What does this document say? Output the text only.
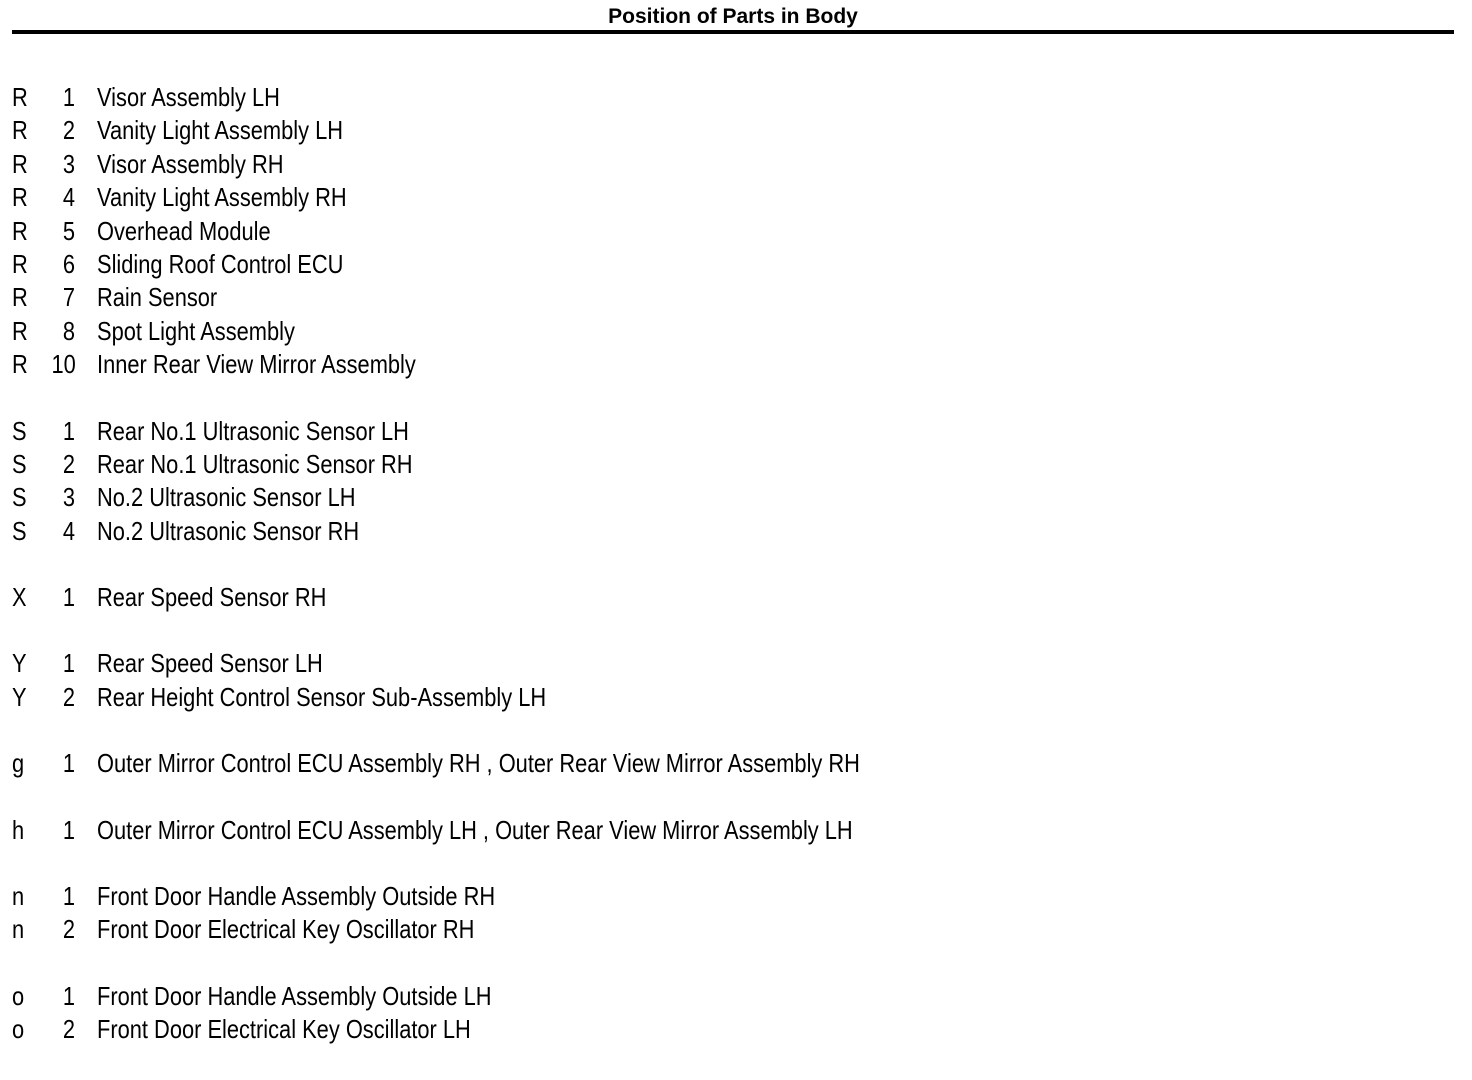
Position of Parts in Body
R	1 Visor Assembly LH
R	2 Vanity Light Assembly LH
R	3 Visor Assembly RH
R	4 Vanity Light Assembly RH
R	5 Overhead Module
R	6 Sliding Roof Control ECU
R	7 Rain Sensor
R	8 Spot Light Assembly
R 10 Inner Rear View Mirror Assembly
S	1 Rear No.1 Ultrasonic Sensor LH
S	2 Rear No.1 Ultrasonic Sensor RH
S	3 No.2 Ultrasonic Sensor LH
S	4 No.2 Ultrasonic Sensor RH
X	1 Rear Speed Sensor RH
Y	1 Rear Speed Sensor LH
Y	2 Rear Height Control Sensor Sub-Assembly LH
g	1 Outer Mirror Control ECU Assembly RH , Outer Rear View Mirror Assembly RH
h	1 Outer Mirror Control ECU Assembly LH , Outer Rear View Mirror Assembly LH
n	1 Front Door Handle Assembly Outside RH
n	2 Front Door Electrical Key Oscillator RH
o	1 Front Door Handle Assembly Outside LH
o	2 Front Door Electrical Key Oscillator LH
